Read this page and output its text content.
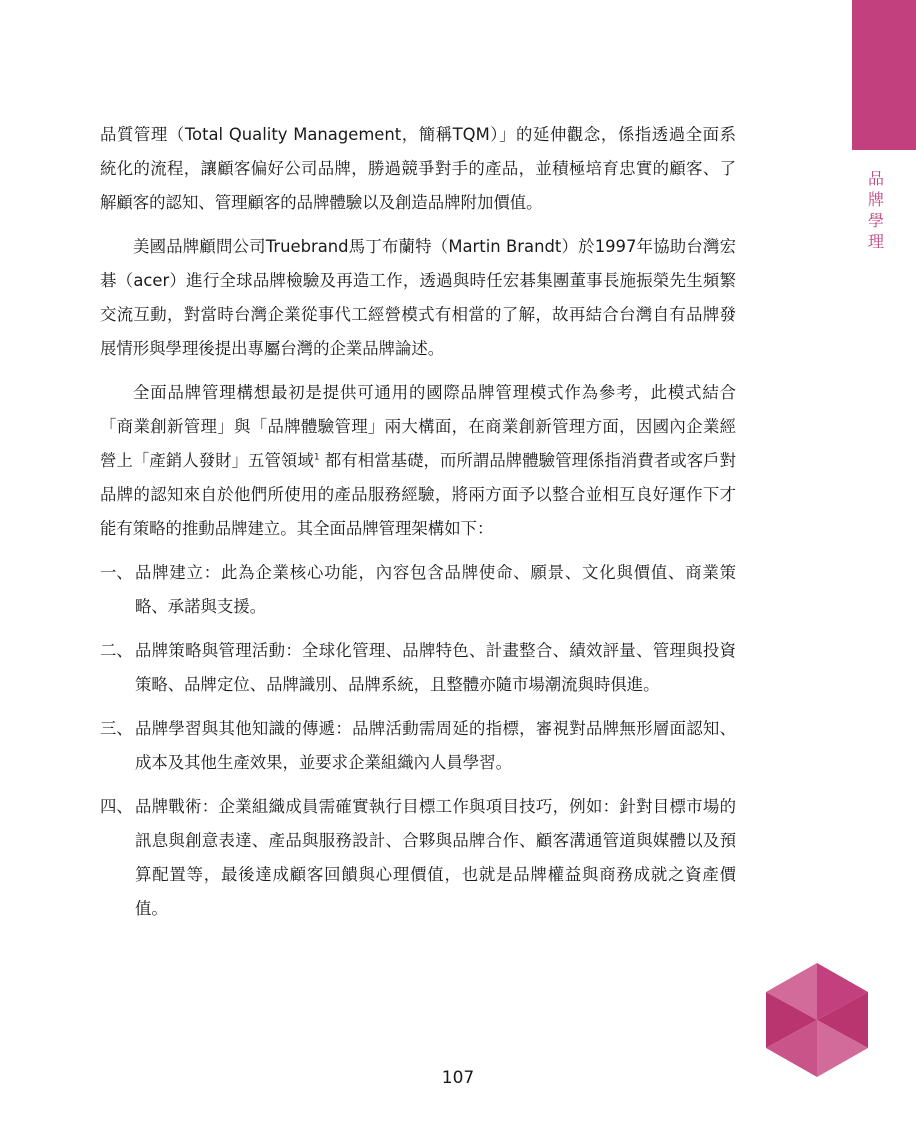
品牌學理

品質管理（Total Quality Management，簡稱TQM）」的延伸觀念，係指透過全面系統化的流程，讓顧客偏好公司品牌，勝過競爭對手的產品，並積極培育忠實的顧客、了解顧客的認知、管理顧客的品牌體驗以及創造品牌附加價值。

美國品牌顧問公司Truebrand馬丁布蘭特（Martin Brandt）於1997年協助台灣宏碁（acer）進行全球品牌檢驗及再造工作，透過與時任宏碁集團董事長施振榮先生頻繁交流互動，對當時台灣企業從事代工經營模式有相當的了解，故再結合台灣自有品牌發展情形與學理後提出專屬台灣的企業品牌論述。

全面品牌管理構想最初是提供可通用的國際品牌管理模式作為參考，此模式結合「商業創新管理」與「品牌體驗管理」兩大構面，在商業創新管理方面，因國內企業經營上「產銷人發財」五管領域$^1$ 都有相當基礎，而所謂品牌體驗管理係指消費者或客戶對品牌的認知來自於他們所使用的產品服務經驗，將兩方面予以整合並相互良好運作下才能有策略的推動品牌建立。其全面品牌管理架構如下：

一、 品牌建立：此為企業核心功能，內容包含品牌使命、願景、文化與價值、商業策略、承諾與支援。
二、 品牌策略與管理活動：全球化管理、品牌特色、計畫整合、績效評量、管理與投資策略、品牌定位、品牌識別、品牌系統，且整體亦隨市場潮流與時俱進。
三、 品牌學習與其他知識的傳遞：品牌活動需周延的指標，審視對品牌無形層面認知、成本及其他生產效果，並要求企業組織內人員學習。
四、 品牌戰術：企業組織成員需確實執行目標工作與項目技巧，例如：針對目標市場的訊息與創意表達、產品與服務設計、合夥與品牌合作、顧客溝通管道與媒體以及預算配置等，最後達成顧客回饋與心理價值，也就是品牌權益與商務成就之資產價值。
107
